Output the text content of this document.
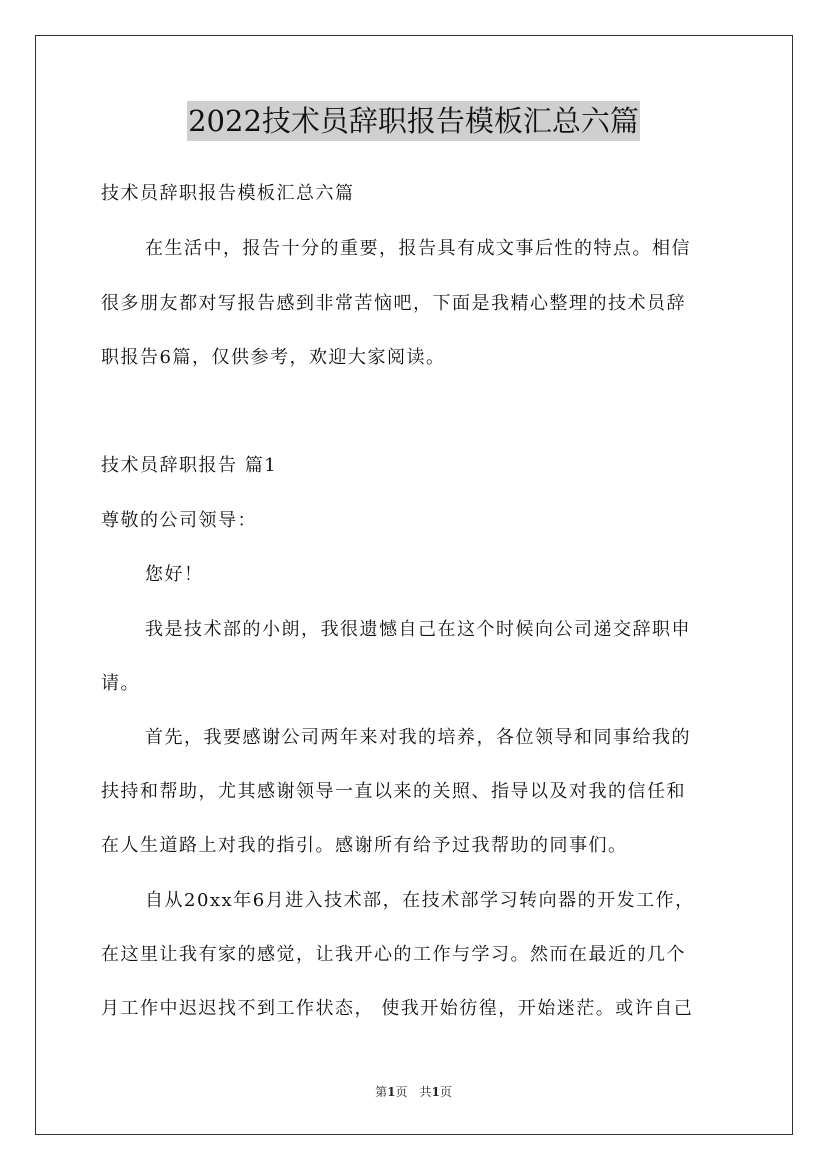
2022技术员辞职报告模板汇总六篇

技术员辞职报告模板汇总六篇

在生活中，报告十分的重要，报告具有成文事后性的特点。相信

很多朋友都对写报告感到非常苦恼吧，下面是我精心整理的技术员辞

职报告6篇，仅供参考，欢迎大家阅读。

技术员辞职报告 篇1

尊敬的公司领导：

您好！

我是技术部的小朗，我很遗憾自己在这个时候向公司递交辞职申

请。

首先，我要感谢公司两年来对我的培养，各位领导和同事给我的

扶持和帮助，尤其感谢领导一直以来的关照、指导以及对我的信任和

在人生道路上对我的指引。感谢所有给予过我帮助的同事们。

自从20xx年6月进入技术部，在技术部学习转向器的开发工作，

在这里让我有家的感觉，让我开心的工作与学习。然而在最近的几个

月工作中迟迟找不到工作状态， 使我开始彷徨，开始迷茫。或许自己

第1页 共1页
